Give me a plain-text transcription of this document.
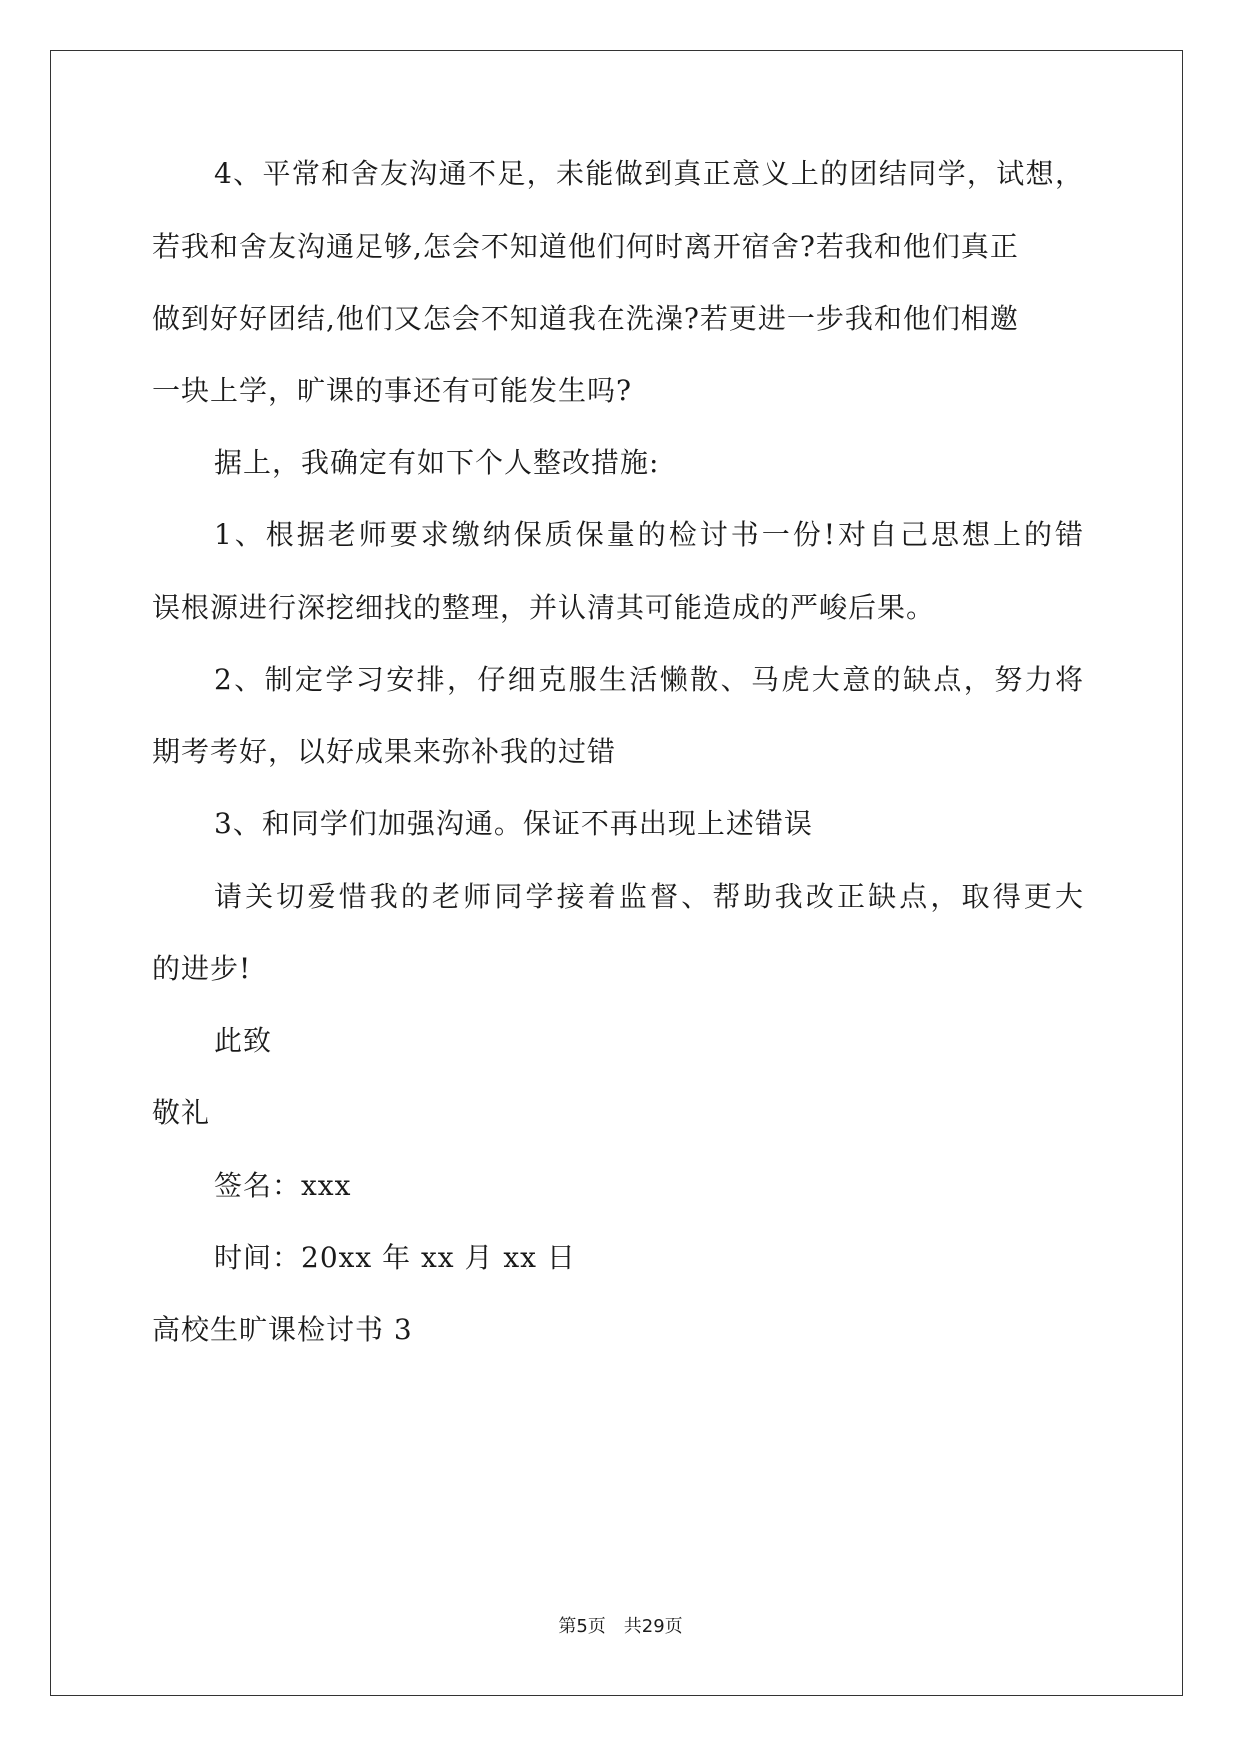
4、平常和舍友沟通不足，未能做到真正意义上的团结同学，试想，
若我和舍友沟通足够,怎会不知道他们何时离开宿舍?若我和他们真正
做到好好团结,他们又怎会不知道我在洗澡?若更进一步我和他们相邀
一块上学，旷课的事还有可能发生吗?
据上，我确定有如下个人整改措施:
1、根据老师要求缴纳保质保量的检讨书一份!对自己思想上的错
误根源进行深挖细找的整理，并认清其可能造成的严峻后果。
2、制定学习安排，仔细克服生活懒散、马虎大意的缺点，努力将
期考考好，以好成果来弥补我的过错
3、和同学们加强沟通。保证不再出现上述错误
请关切爱惜我的老师同学接着监督、帮助我改正缺点，取得更大
的进步!
此致
敬礼
签名：xxx
时间：20xx 年 xx 月 xx 日
高校生旷课检讨书 3
第5页 共29页
